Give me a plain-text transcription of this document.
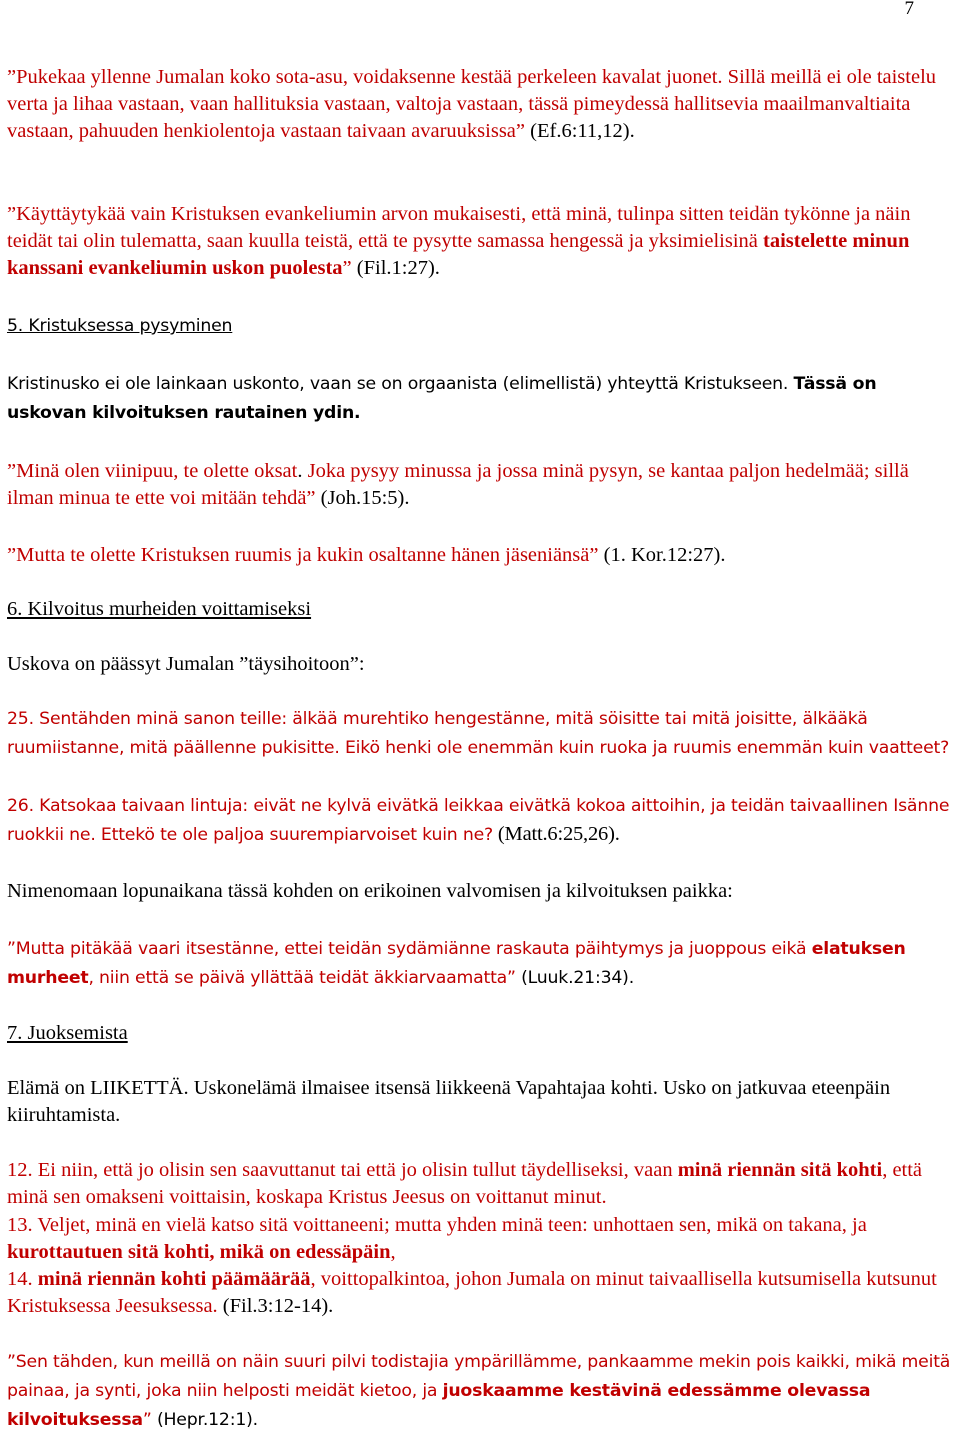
7

”Pukekaa yllenne Jumalan koko sota-asu, voidaksenne kestää perkeleen kavalat juonet. Sillä meillä ei ole taistelu verta ja lihaa vastaan, vaan hallituksia vastaan, valtoja vastaan, tässä pimeydessä hallitsevia maailmanvaltiaita vastaan, pahuuden henkiolentoja vastaan taivaan avaruuksissa” (Ef.6:11,12).

”Käyttäytykää vain Kristuksen evankeliumin arvon mukaisesti, että minä, tulinpa sitten teidän tykönne ja näin teidät tai olin tulematta, saan kuulla teistä, että te pysytte samassa hengessä ja yksimielisinä taistelette minun kanssani evankeliumin uskon puolesta” (Fil.1:27).

5. Kristuksessa pysyminen

Kristinusko ei ole lainkaan uskonto, vaan se on orgaanista (elimellistä) yhteyttä Kristukseen. Tässä on uskovan kilvoituksen rautainen ydin.

”Minä olen viinipuu, te olette oksat. Joka pysyy minussa ja jossa minä pysyn, se kantaa paljon hedelmää; sillä ilman minua te ette voi mitään tehdä” (Joh.15:5).

”Mutta te olette Kristuksen ruumis ja kukin osaltanne hänen jäseniänsä” (1. Kor.12:27).

6. Kilvoitus murheiden voittamiseksi

Uskova on päässyt Jumalan ”täysihoitoon”:

25. Sentähden minä sanon teille: älkää murehtiko hengestänne, mitä söisitte tai mitä joisitte, älkääkä ruumiistanne, mitä päällenne pukisitte. Eikö henki ole enemmän kuin ruoka ja ruumis enemmän kuin vaatteet?

26. Katsokaa taivaan lintuja: eivät ne kylvä eivätkä leikkaa eivätkä kokoa aittoihin, ja teidän taivaallinen Isänne ruokkii ne. Ettekö te ole paljoa suurempiarvoiset kuin ne? (Matt.6:25,26).

Nimenomaan lopunaikana tässä kohden on erikoinen valvomisen ja kilvoituksen paikka:

”Mutta pitäkää vaari itsestänne, ettei teidän sydämiänne raskauta päihtymys ja juoppous eikä elatuksen murheet, niin että se päivä yllättää teidät äkkiarvaamatta” (Luuk.21:34).

7. Juoksemista

Elämä on LIIKETTÄ. Uskonelämä ilmaisee itsensä liikkeenä Vapahtajaa kohti. Usko on jatkuvaa eteenpäin kiiruhtamista.

12. Ei niin, että jo olisin sen saavuttanut tai että jo olisin tullut täydelliseksi, vaan minä riennän sitä kohti, että minä sen omakseni voittaisin, koskapa Kristus Jeesus on voittanut minut.

13. Veljet, minä en vielä katso sitä voittaneeni; mutta yhden minä teen: unhottaen sen, mikä on takana, ja kurottautuen sitä kohti, mikä on edessäpäin,

14. minä riennän kohti päämäärää, voittopalkintoa, johon Jumala on minut taivaallisella kutsumisella kutsunut Kristuksessa Jeesuksessa. (Fil.3:12-14).

”Sen tähden, kun meillä on näin suuri pilvi todistajia ympärillämme, pankaamme mekin pois kaikki, mikä meitä painaa, ja synti, joka niin helposti meidät kietoo, ja juoskaamme kestävinä edessämme olevassa kilvoituksessa” (Hepr.12:1).
